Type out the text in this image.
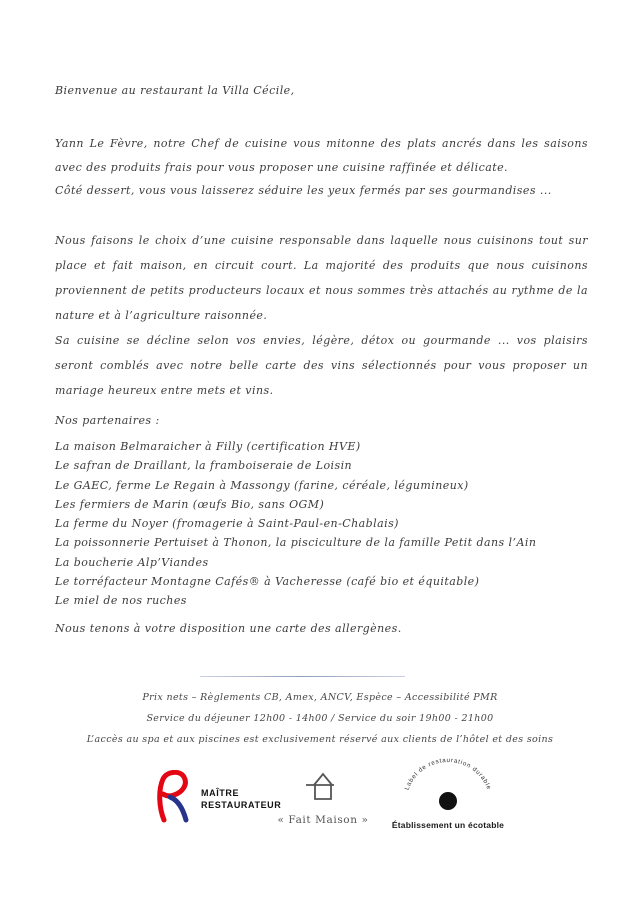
Bienvenue au restaurant la Villa Cécile,
Yann Le Fèvre, notre Chef de cuisine vous mitonne des plats ancrés dans les saisons avec des produits frais pour vous proposer une cuisine raffinée et délicate.
Côté dessert, vous vous laisserez séduire les yeux fermés par ses gourmandises ...
Nous faisons le choix d’une cuisine responsable dans laquelle nous cuisinons tout sur place et fait maison, en circuit court. La majorité des produits que nous cuisinons proviennent de petits producteurs locaux et nous sommes très attachés au rythme de la nature et à l’agriculture raisonnée.
Sa cuisine se décline selon vos envies, légère, détox ou gourmande ... vos plaisirs seront comblés avec notre belle carte des vins sélectionnés pour vous proposer un mariage heureux entre mets et vins.
Nos partenaires :
La maison Belmaraicher à Filly (certification HVE)
Le safran de Draillant, la framboiseraie de Loisin
Le GAEC, ferme Le Regain à Massongy (farine, céréale, légumineux)
Les fermiers de Marin (œufs Bio, sans OGM)
La ferme du Noyer (fromagerie à Saint-Paul-en-Chablais)
La poissonnerie Pertuiset à Thonon, la pisciculture de la famille Petit dans l’Ain
La boucherie Alp’Viandes
Le torréfacteur Montagne Cafés® à Vacheresse (café bio et équitable)
Le miel de nos ruches
Nous tenons à votre disposition une carte des allergènes.
Prix nets – Règlements CB, Amex, ANCV, Espèce – Accessibilité PMR
Service du déjeuner 12h00 - 14h00 / Service du soir 19h00 - 21h00
L’accès au spa et aux piscines est exclusivement réservé aux clients de l’hôtel et des soins
MAÎTRE
RESTAURATEUR
« Fait Maison »
Label de restauration durable
Établissement un écotable
